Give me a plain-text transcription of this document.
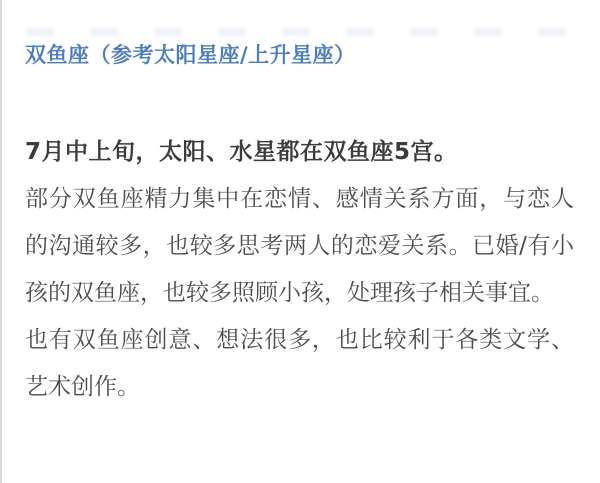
双鱼座（参考太阳星座/上升星座）

7月中上旬，太阳、水星都在双鱼座5宫。

部分双鱼座精力集中在恋情、感情关系方面，与恋人的沟通较多，也较多思考两人的恋爱关系。已婚/有小孩的双鱼座，也较多照顾小孩，处理孩子相关事宜。

也有双鱼座创意、想法很多，也比较利于各类文学、艺术创作。
